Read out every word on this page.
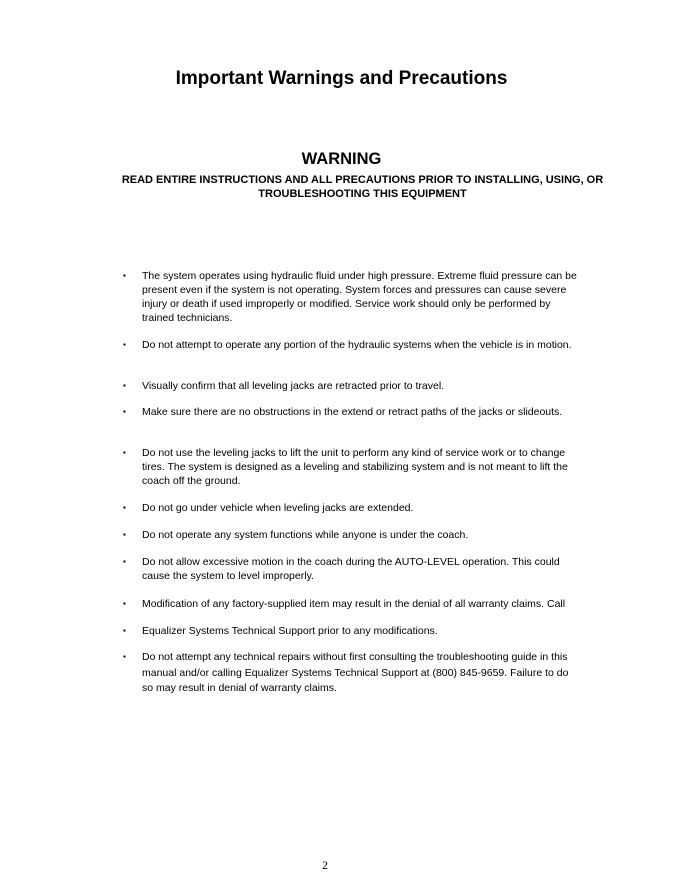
Important Warnings and Precautions
WARNING
READ ENTIRE INSTRUCTIONS AND ALL PRECAUTIONS PRIOR TO INSTALLING, USING, OR TROUBLESHOOTING THIS EQUIPMENT
▪ The system operates using hydraulic fluid under high pressure. Extreme fluid pressure can be present even if the system is not operating. System forces and pressures can cause severe injury or death if used improperly or modified. Service work should only be performed by trained technicians.
▪ Do not attempt to operate any portion of the hydraulic systems when the vehicle is in motion.
▪ Visually confirm that all leveling jacks are retracted prior to travel.
▪ Make sure there are no obstructions in the extend or retract paths of the jacks or slideouts.
▪ Do not use the leveling jacks to lift the unit to perform any kind of service work or to change tires. The system is designed as a leveling and stabilizing system and is not meant to lift the coach off the ground.
▪ Do not go under vehicle when leveling jacks are extended.
▪ Do not operate any system functions while anyone is under the coach.
▪ Do not allow excessive motion in the coach during the AUTO-LEVEL operation. This could cause the system to level improperly.
▪ Modification of any factory-supplied item may result in the denial of all warranty claims. Call
▪ Equalizer Systems Technical Support prior to any modifications.
▪ Do not attempt any technical repairs without first consulting the troubleshooting guide in this manual and/or calling Equalizer Systems Technical Support at (800) 845-9659. Failure to do so may result in denial of warranty claims.
2
